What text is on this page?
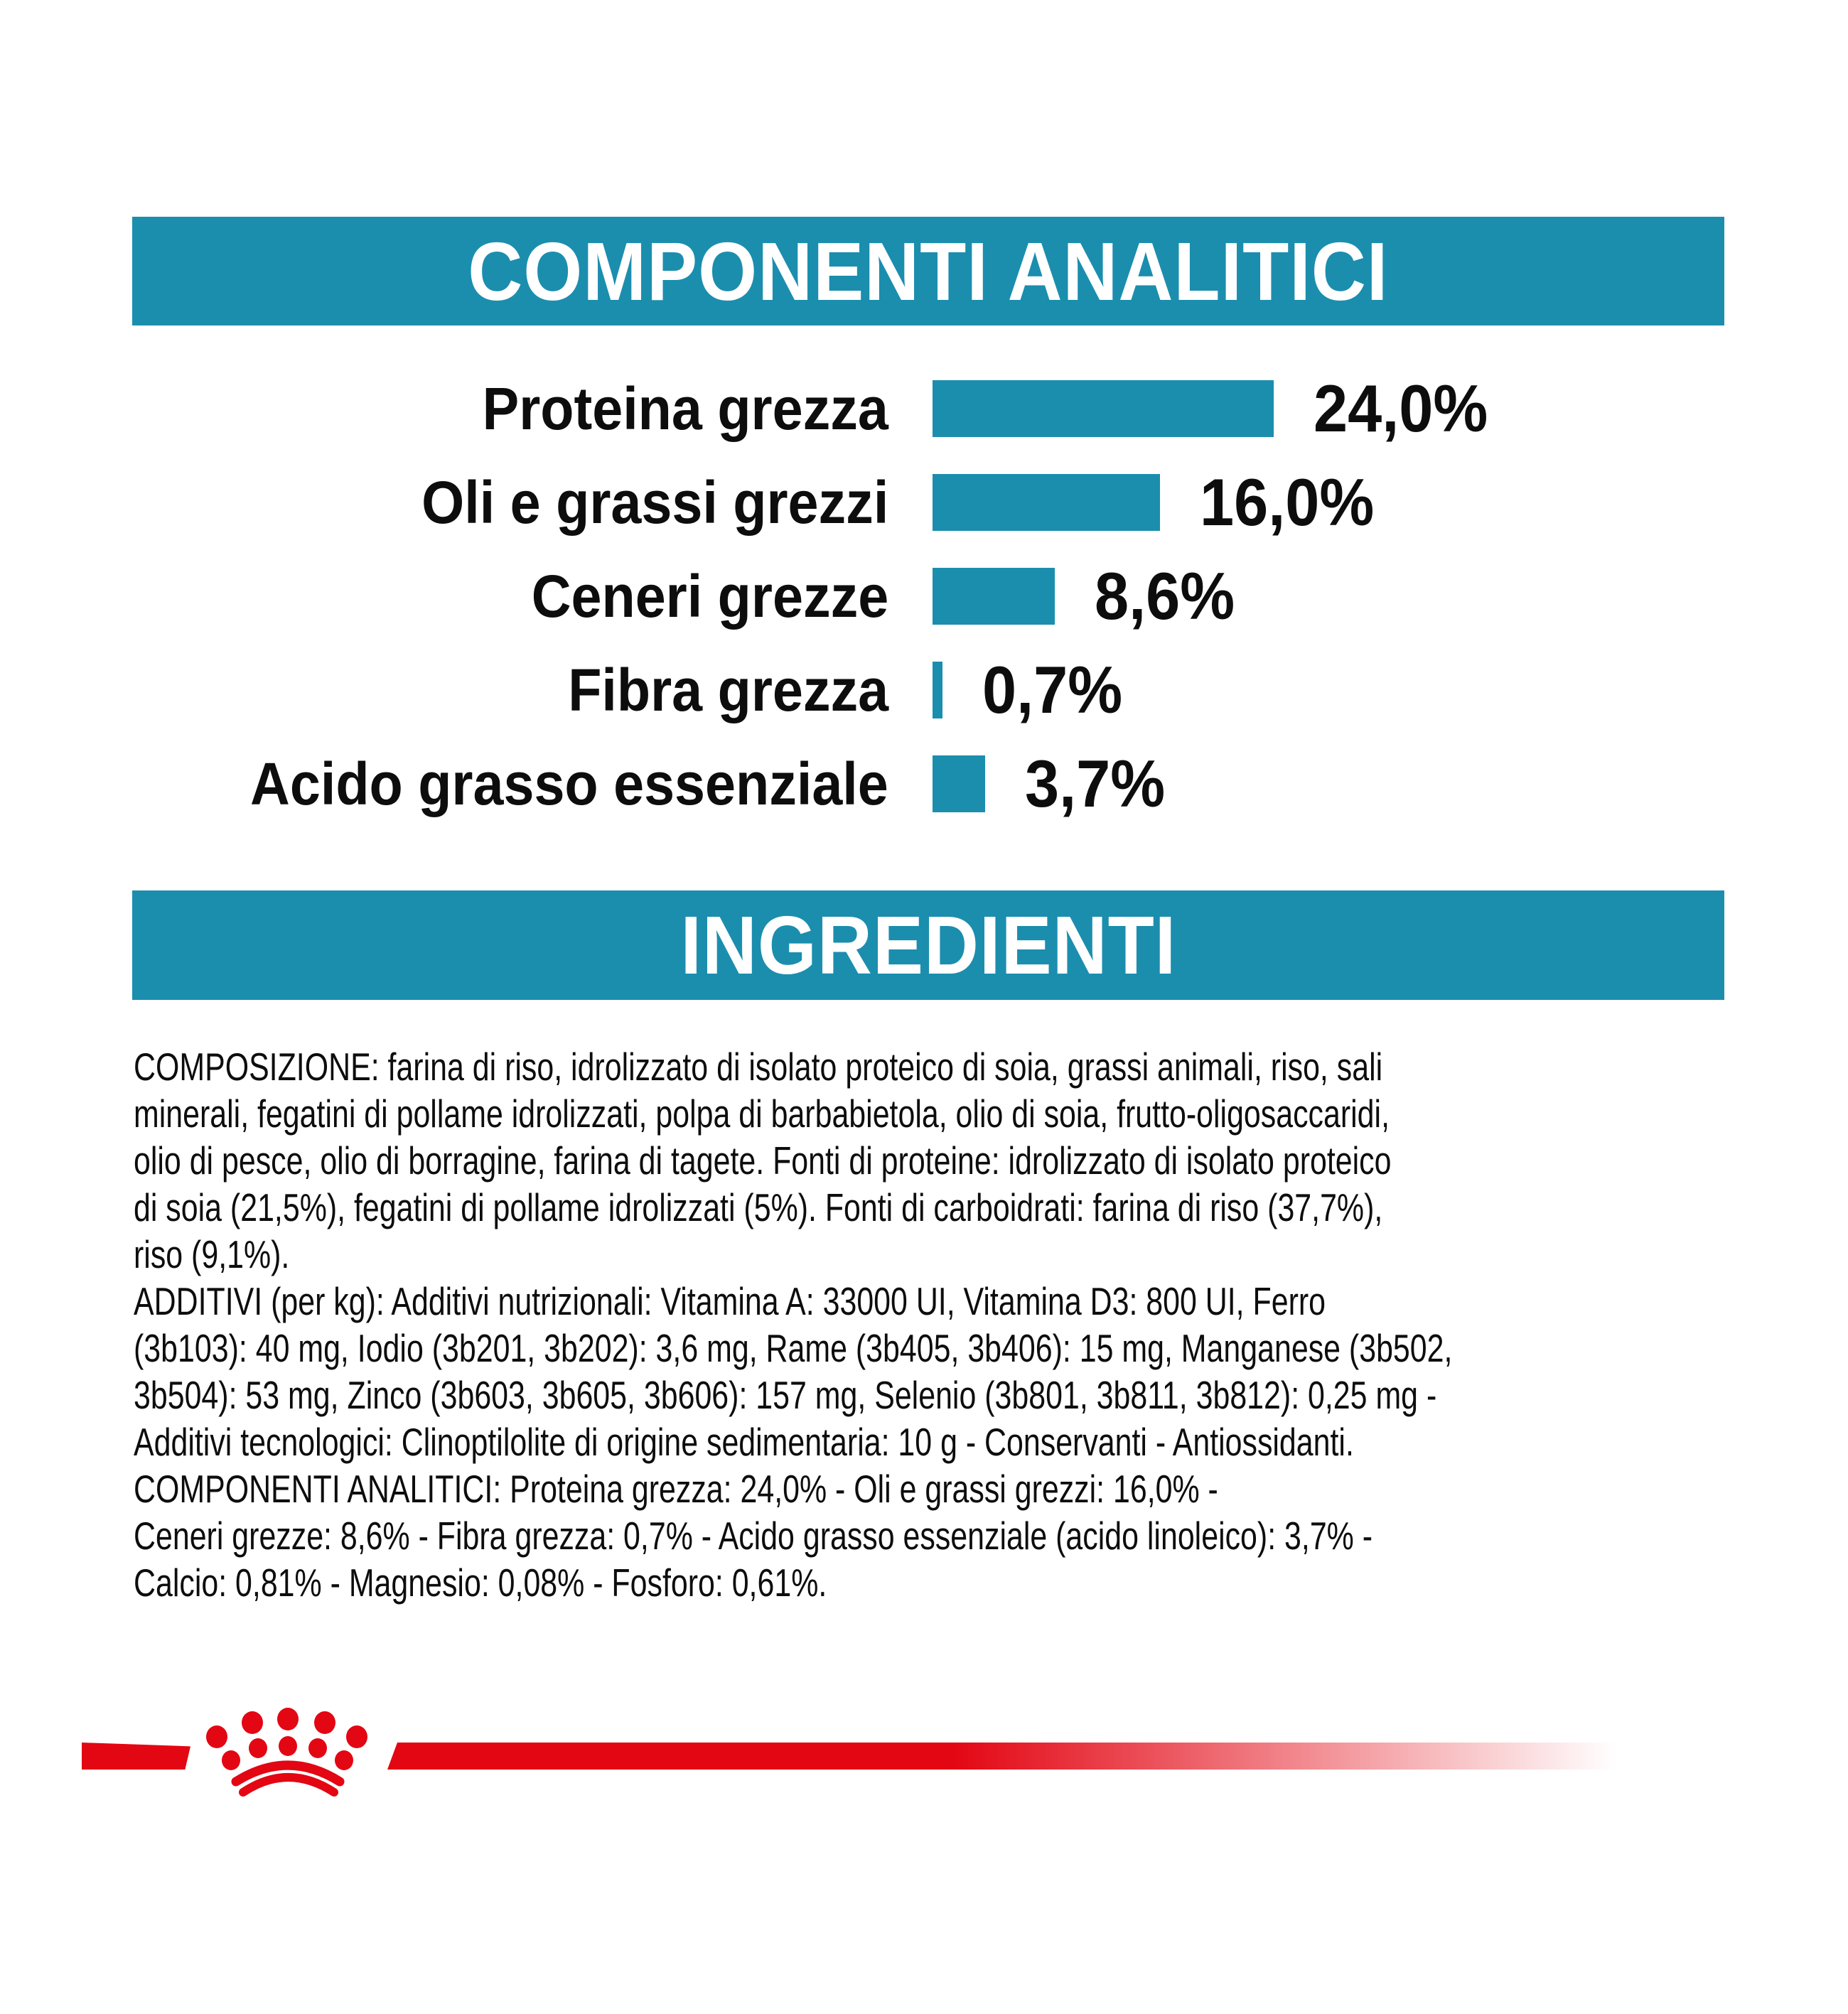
COMPONENTI ANALITICI
Proteina grezza	24,0%
Oli e grassi grezzi	16,0%
Ceneri grezze	8,6%
Fibra grezza 0,7%
Acido grasso essenziale 3,7%
INGREDIENTI
COMPOSIZIONE: farina di riso, idrolizzato di isolato proteico di soia, grassi animali, riso, sali
minerali, fegatini di pollame idrolizzati, polpa di barbabietola, olio di soia, frutto-oligosaccaridi,
olio di pesce, olio di borragine, farina di tagete. Fonti di proteine: idrolizzato di isolato proteico
di soia (21,5%), fegatini di pollame idrolizzati (5%). Fonti di carboidrati: farina di riso (37,7%),
riso (9,1%).
ADDITIVI (per kg): Additivi nutrizionali: Vitamina A: 33000 UI, Vitamina D3: 800 UI, Ferro
(3b103): 40 mg, Iodio (3b201, 3b202): 3,6 mg, Rame (3b405, 3b406): 15 mg, Manganese (3b502,
3b504): 53 mg, Zinco (3b603, 3b605, 3b606): 157 mg, Selenio (3b801, 3b811, 3b812): 0,25 mg -
Additivi tecnologici: Clinoptilolite di origine sedimentaria: 10 g - Conservanti - Antiossidanti.
COMPONENTI ANALITICI: Proteina grezza: 24,0% - Oli e grassi grezzi: 16,0% -
Ceneri grezze: 8,6% - Fibra grezza: 0,7% - Acido grasso essenziale (acido linoleico): 3,7% -
Calcio: 0,81% - Magnesio: 0,08% - Fosforo: 0,61%.
